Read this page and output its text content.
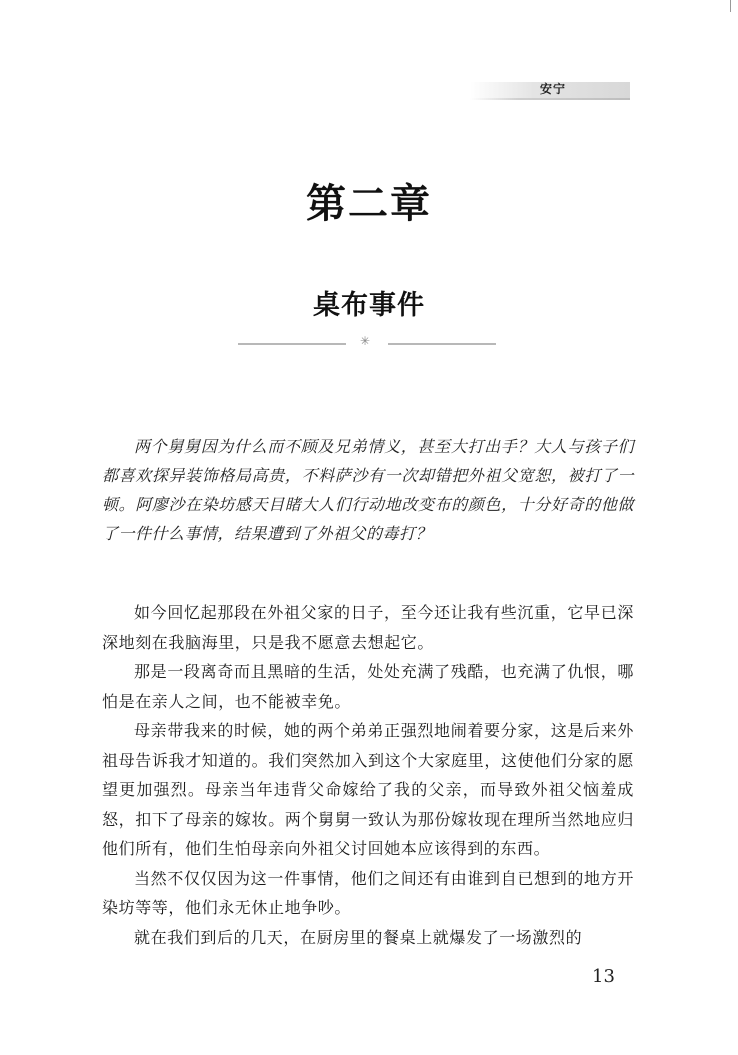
安宁
第二章
桌布事件
✳
两个舅舅因为什么而不顾及兄弟情义，甚至大打出手？大人与孩子们都喜欢探异装饰格局高贵，不料萨沙有一次却错把外祖父宽恕，被打了一顿。阿廖沙在染坊感天目睹大人们行动地改变布的颜色，十分好奇的他做了一件什么事情，结果遭到了外祖父的毒打？

如今回忆起那段在外祖父家的日子，至今还让我有些沉重，它早已深深地刻在我脑海里，只是我不愿意去想起它。

那是一段离奇而且黑暗的生活，处处充满了残酷，也充满了仇恨，哪怕是在亲人之间，也不能被幸免。

母亲带我来的时候，她的两个弟弟正强烈地闹着要分家，这是后来外祖母告诉我才知道的。我们突然加入到这个大家庭里，这使他们分家的愿望更加强烈。母亲当年违背父命嫁给了我的父亲，而导致外祖父恼羞成怒，扣下了母亲的嫁妆。两个舅舅一致认为那份嫁妆现在理所当然地应归他们所有，他们生怕母亲向外祖父讨回她本应该得到的东西。

当然不仅仅因为这一件事情，他们之间还有由谁到自已想到的地方开染坊等等，他们永无休止地争吵。

就在我们到后的几天，在厨房里的餐桌上就爆发了一场激烈的

13
